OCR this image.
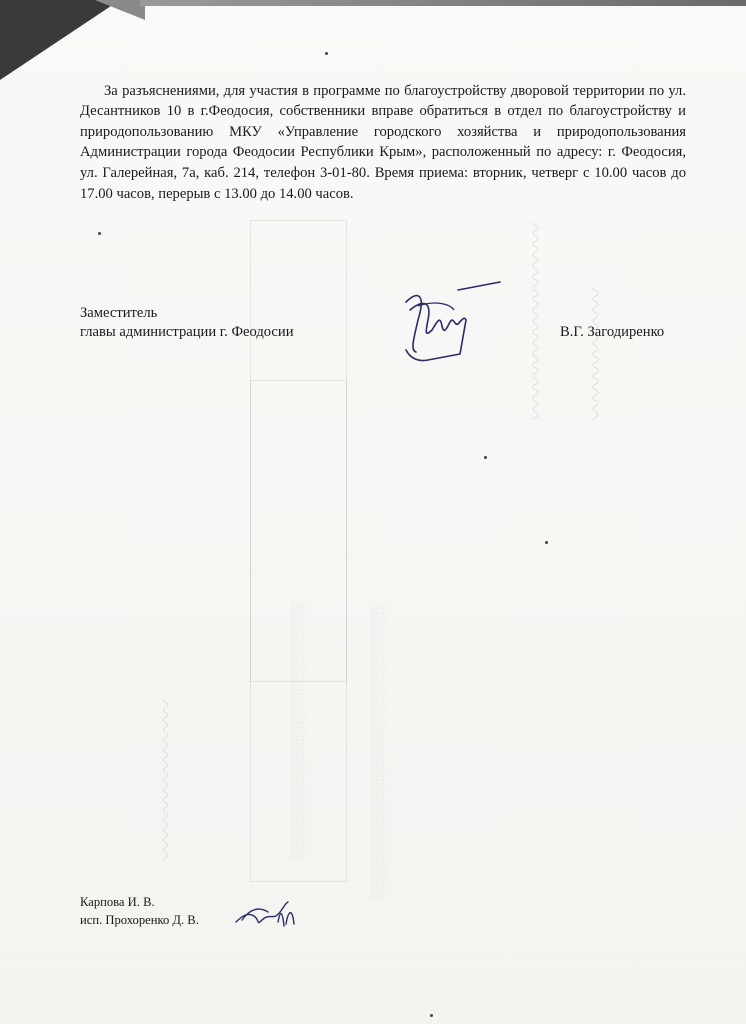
░░░░░░░░░░░░░░░░░░░░░░░░░░░░	░░░░░░░░░░░░░░░░░░░░░░░░░░░░░░░░
〰〰〰〰〰〰〰〰
〰〰〰〰〰〰〰〰〰 〰〰〰〰〰〰

За разъяснениями, для участия в программе по благоустройству дворовой территории по ул. Десантников 10 в г.Феодосия, собственники вправе обратиться в отдел по благоустройству и природопользованию МКУ «Управление городского хозяйства и природопользования Администрации города Феодосии Республики Крым», расположенный по адресу: г. Феодосия, ул. Галерейная, 7а, каб. 214, телефон 3-01-80. Время приема: вторник, четверг с 10.00 часов до 17.00 часов, перерыв с 13.00 до 14.00 часов.

Заместитель
главы администрации г. Феодосии	В.Г. Загодиренко
Карпова И. В.
исп. Прохоренко Д. В.
